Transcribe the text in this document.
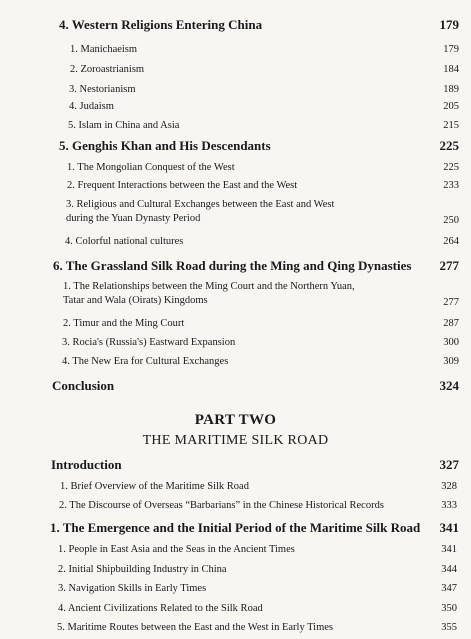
4. Western Religions Entering China	179
1. Manichaeism	179
2. Zoroastrianism	184
3. Nestorianism	189
4. Judaism	205
5. Islam in China and Asia	215
5. Genghis Khan and His Descendants	225
1. The Mongolian Conquest of the West	225
2. Frequent Interactions between the East and the West	233
3. Religious and Cultural Exchanges between the East and West
during the Yuan Dynasty Period	250
4. Colorful national cultures	264
6. The Grassland Silk Road during the Ming and Qing Dynasties 277
1. The Relationships between the Ming Court and the Northern Yuan,
Tatar and Wala (Oirats) Kingdoms	277
2. Timur and the Ming Court	287
3. Rocia's (Russia's) Eastward Expansion	300
4. The New Era for Cultural Exchanges	309
Conclusion	324
PART TWO
THE MARITIME SILK ROAD
Introduction	327
1. Brief Overview of the Maritime Silk Road	328
2. The Discourse of Overseas “Barbarians” in the Chinese Historical Records	333
1. The Emergence and the Initial Period of the Maritime Silk Road 341
1. People in East Asia and the Seas in the Ancient Times	341
2. Initial Shipbuilding Industry in China	344
3. Navigation Skills in Early Times	347
4. Ancient Civilizations Related to the Silk Road	350
5. Maritime Routes between the East and the West in Early Times	355
